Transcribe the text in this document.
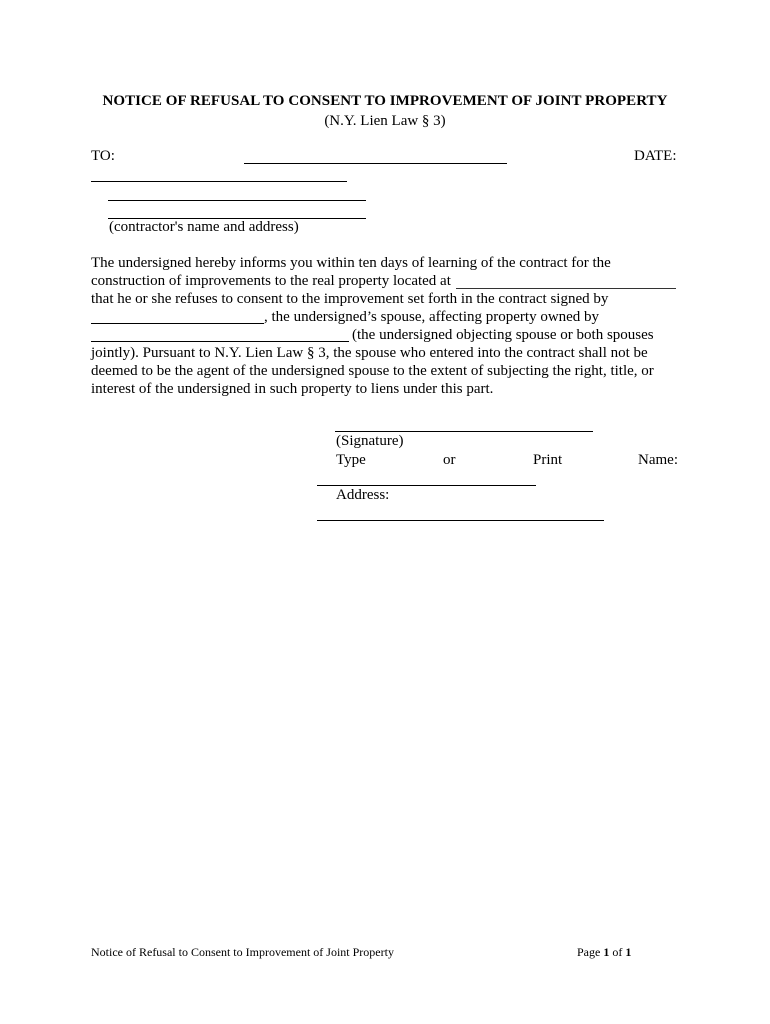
NOTICE OF REFUSAL TO CONSENT TO IMPROVEMENT OF JOINT PROPERTY
(N.Y. Lien Law § 3)
TO:	DATE:
(contractor's name and address)
The undersigned hereby informs you within ten days of learning of the contract for the
construction of improvements to the real property located at
that he or she refuses to consent to the improvement set forth in the contract signed by
, the undersigned’s spouse, affecting property owned by
(the undersigned objecting spouse or both spouses
jointly). Pursuant to N.Y. Lien Law § 3, the spouse who entered into the contract shall not be
deemed to be the agent of the undersigned spouse to the extent of subjecting the right, title, or
interest of the undersigned in such property to liens under this part.
(Signature)
Type	or	Print	Name:
Address:
Notice of Refusal to Consent to Improvement of Joint Property	Page 1 of 1
